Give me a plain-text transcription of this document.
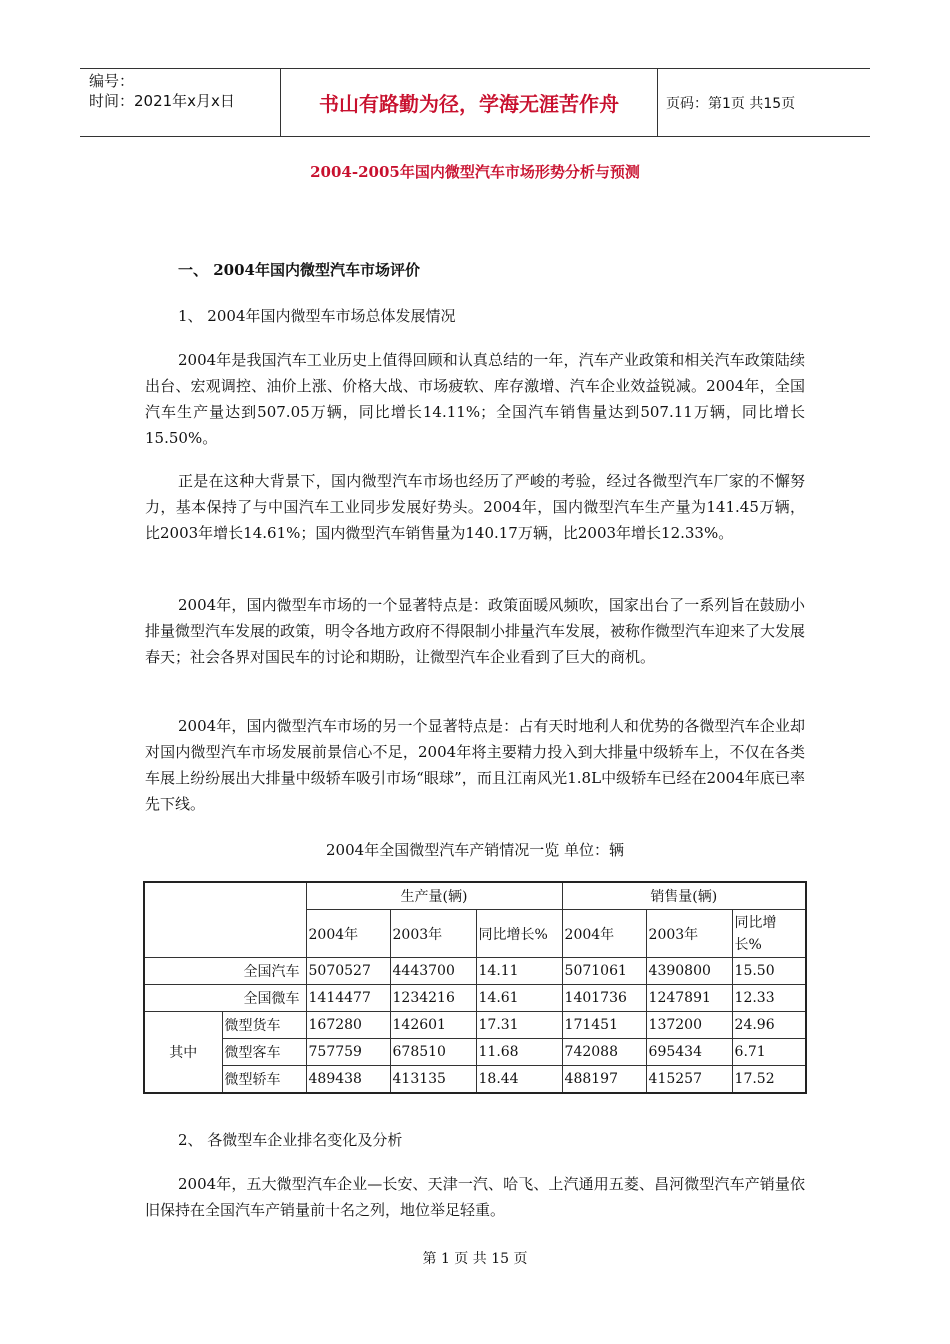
编号：
时间：2021年x月x日	书山有路勤为径，学海无涯苦作舟	页码：第1页 共15页
2004-2005年国内微型汽车市场形势分析与预测
一、 2004年国内微型汽车市场评价
1、 2004年国内微型车市场总体发展情况

2004年是我国汽车工业历史上值得回顾和认真总结的一年，汽车产业政策和相关汽车政策陆续出台、宏观调控、油价上涨、价格大战、市场疲软、库存激增、汽车企业效益锐减。2004年，全国汽车生产量达到507.05万辆，同比增长14.11%；全国汽车销售量达到507.11万辆，同比增长15.50%。

正是在这种大背景下，国内微型汽车市场也经历了严峻的考验，经过各微型汽车厂家的不懈努力，基本保持了与中国汽车工业同步发展好势头。2004年，国内微型汽车生产量为141.45万辆，比2003年增长14.61%；国内微型汽车销售量为140.17万辆，比2003年增长12.33%。

2004年，国内微型车市场的一个显著特点是：政策面暖风频吹，国家出台了一系列旨在鼓励小排量微型汽车发展的政策，明令各地方政府不得限制小排量汽车发展，被称作微型汽车迎来了大发展春天；社会各界对国民车的讨论和期盼，让微型汽车企业看到了巨大的商机。

2004年，国内微型汽车市场的另一个显著特点是：占有天时地利人和优势的各微型汽车企业却对国内微型汽车市场发展前景信心不足，2004年将主要精力投入到大排量中级轿车上，不仅在各类车展上纷纷展出大排量中级轿车吸引市场“眼球”，而且江南风光1.8L中级轿车已经在2004年底已率先下线。

2004年全国微型汽车产销情况一览 单位：辆
		生产量(辆)			销售量(辆)		
		2004年	2003年	同比增长%	2004年	2003年	同比增长%
全国汽车		5070527	4443700	14.11	5071061	4390800	15.50
全国微车		1414477	1234216	14.61	1401736	1247891	12.33
其中	微型货车	167280	142601	17.31	171451	137200	24.96
	微型客车	757759	678510	11.68	742088	695434	6.71
	微型轿车	489438	413135	18.44	488197	415257	17.52
2、 各微型车企业排名变化及分析

2004年，五大微型汽车企业—长安、天津一汽、哈飞、上汽通用五菱、昌河微型汽车产销量依旧保持在全国汽车产销量前十名之列，地位举足轻重。

第 1 页 共 15 页
